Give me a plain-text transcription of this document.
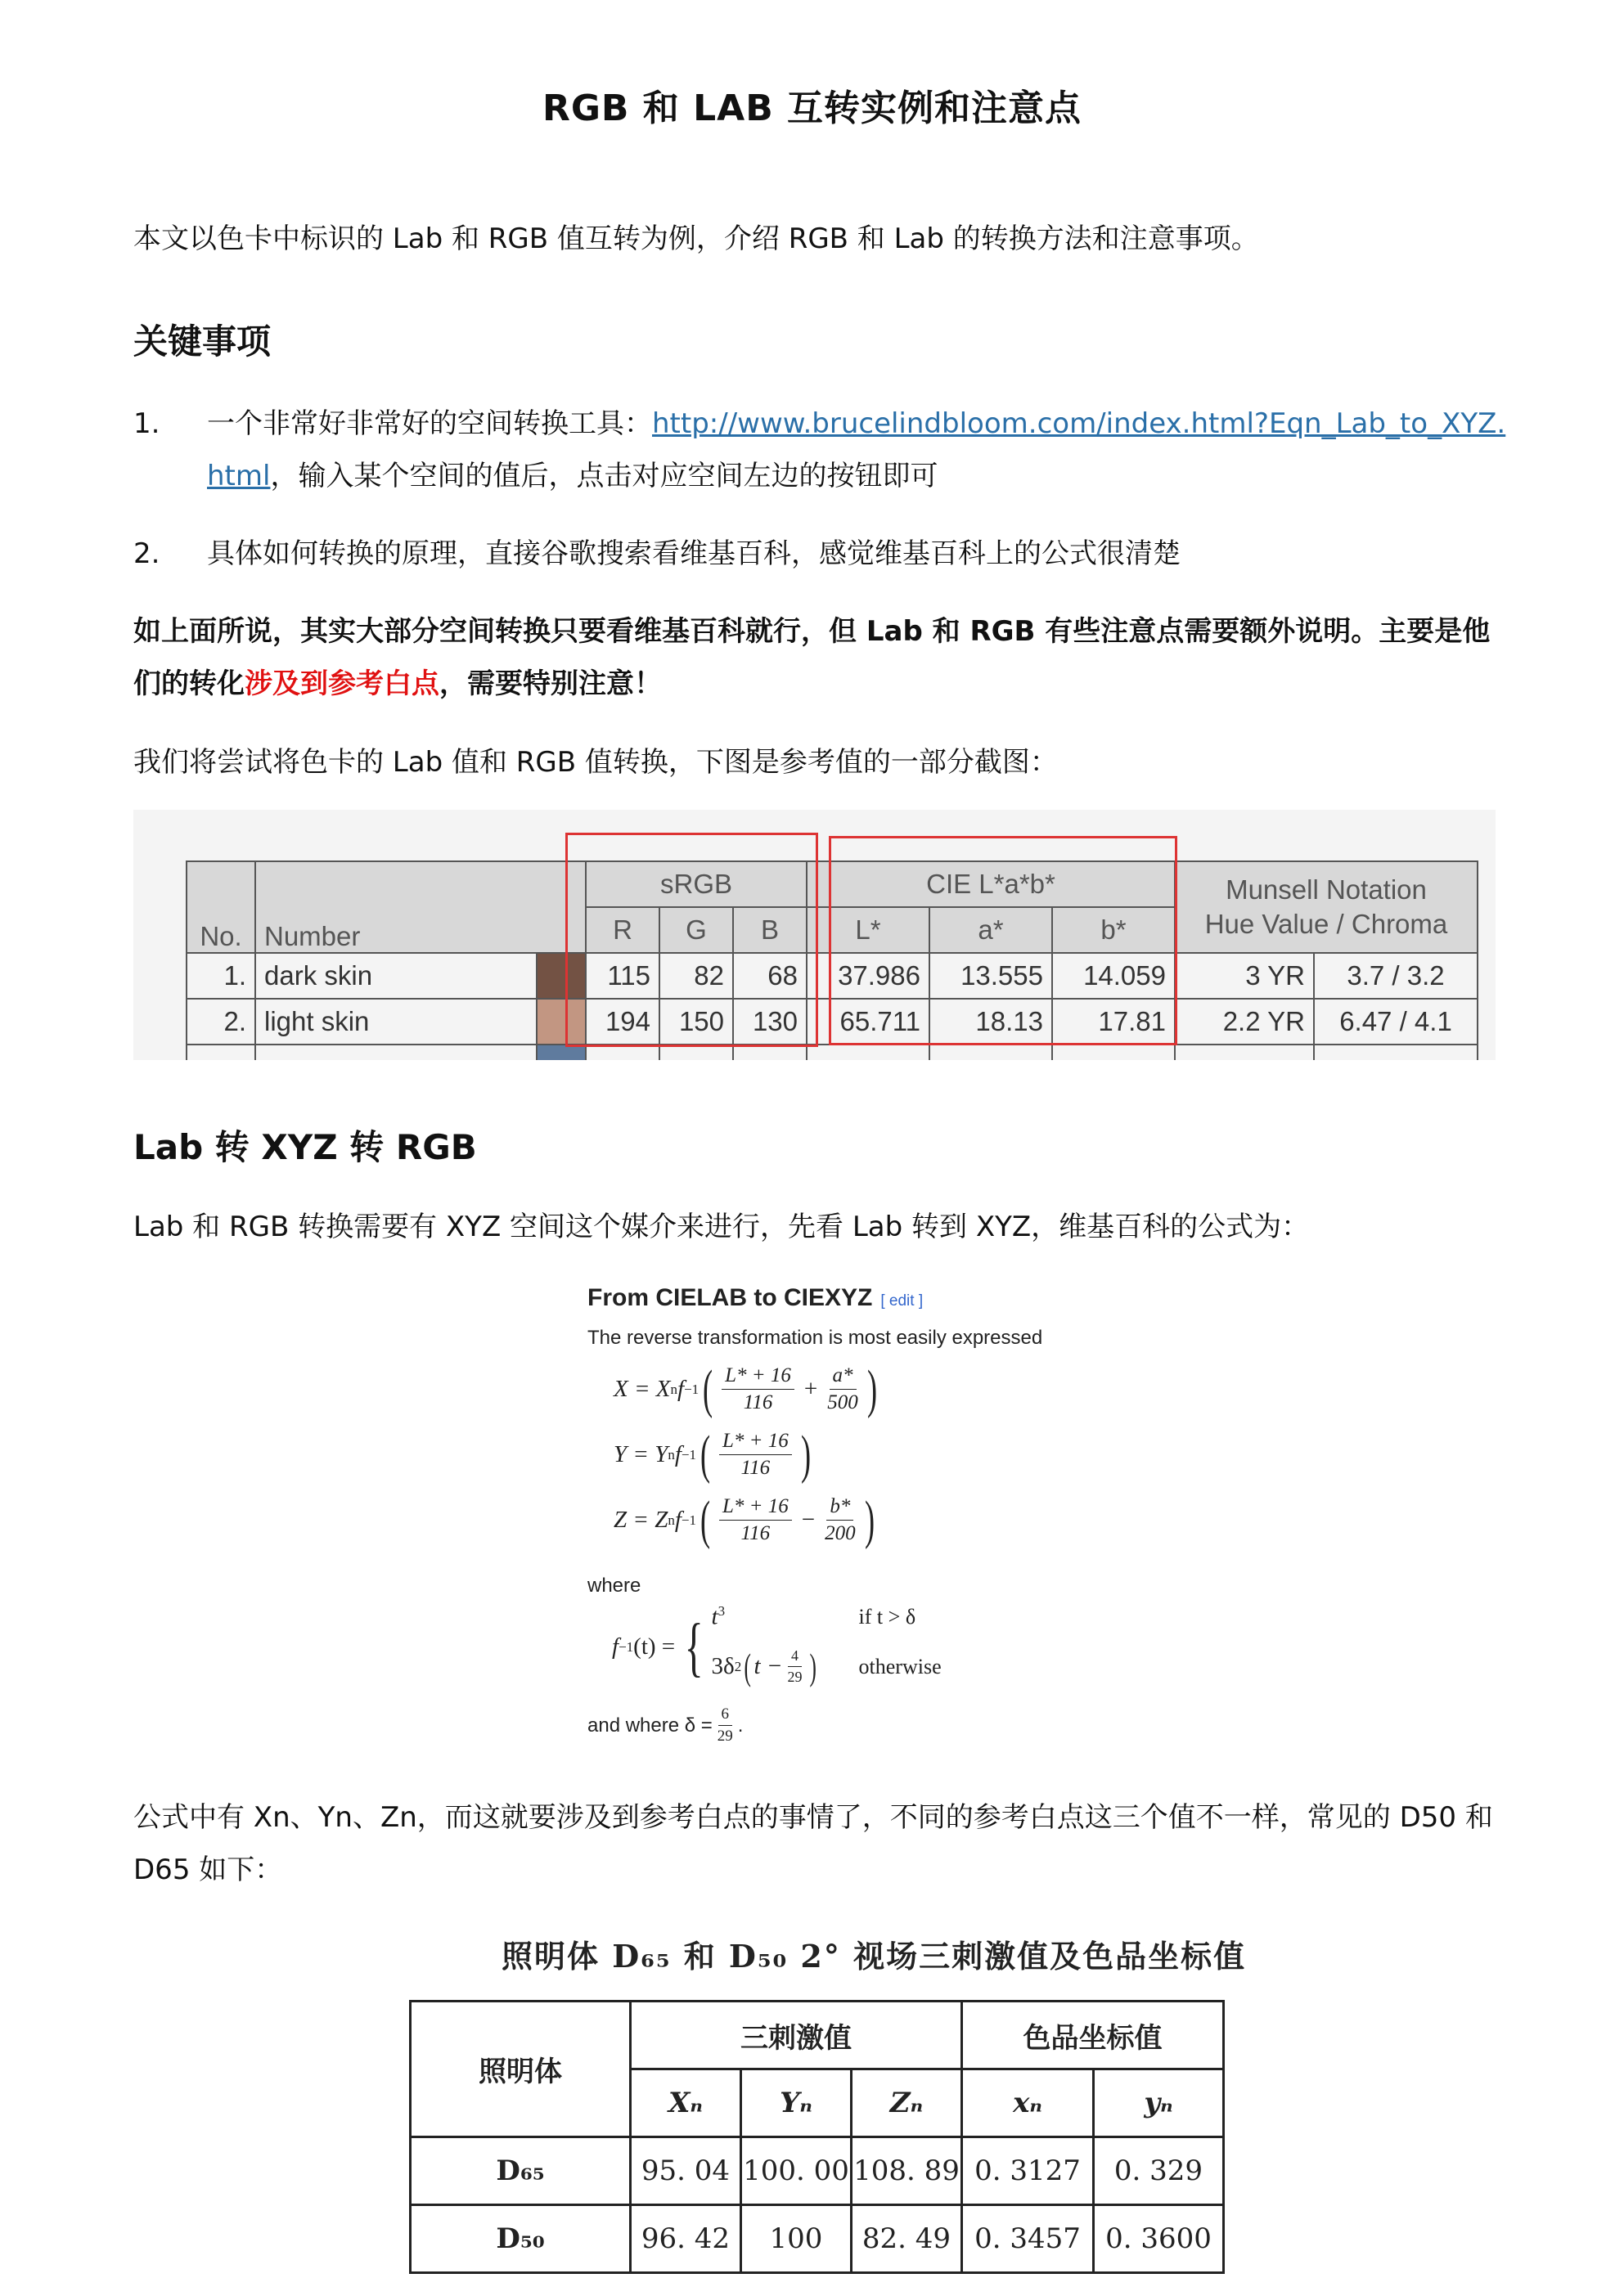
RGB 和 LAB 互转实例和注意点

本文以色卡中标识的 Lab 和 RGB 值互转为例，介绍 RGB 和 Lab 的转换方法和注意事项。

关键事项
1. 一个非常好非常好的空间转换工具：http://www.brucelindbloom.com/index.html?Eqn_Lab_to_XYZ.html，输入某个空间的值后，点击对应空间左边的按钮即可
2. 具体如何转换的原理，直接谷歌搜索看维基百科，感觉维基百科上的公式很清楚

如上面所说，其实大部分空间转换只要看维基百科就行，但 Lab 和 RGB 有些注意点需要额外说明。主要是他们的转化涉及到参考白点，需要特别注意！

我们将尝试将色卡的 Lab 值和 RGB 值转换，下图是参考值的一部分截图：

No.	Number		sRGB			CIE L*a*b*			Munsell Notation
Hue Value / Chroma	
			R	G	B	L*	a*	b*		
1.	dark skin		115	82	68	37.986	13.555	14.059	3 YR	3.7 / 3.2
2.	light skin		194	150	130	65.711	18.13	17.81	2.2 YR	6.47 / 4.1

Lab 转 XYZ 转 RGB

Lab 和 RGB 转换需要有 XYZ 空间这个媒介来进行，先看 Lab 转到 XYZ，维基百科的公式为：

From CIELAB to CIEXYZ [ edit ]
The reverse transformation is most easily expressed
X = X n f −1 ( $\frac{L* + 16}{116} + \frac{a*}{500}$ )
Y = Y n f −1 ( $\frac{L* + 16}{116}$ )
Z = Z n f −1 ( $\frac{L* + 16}{116} - \frac{b*}{200}$ )
where
f −1 (t) = { $t^3$	if t > δ
3δ 2 ( $t - \frac{4}{29}$ ) otherwise
and where $\delta = \frac{6}{29}$ .

公式中有 Xn、Yn、Zn，而这就要涉及到参考白点的事情了，不同的参考白点这三个值不一样，常见的 D50 和 D65 如下：

照明体 D₆₅ 和 D₅₀ 2° 视场三刺激值及色品坐标值
照明体	三刺激值			色品坐标值	
	Xₙ	Yₙ	Zₙ	xₙ	yₙ
D₆₅	95. 04	100. 00	108. 89	0. 3127	0. 329
D₅₀	96. 42	100	82. 49	0. 3457	0. 3600
